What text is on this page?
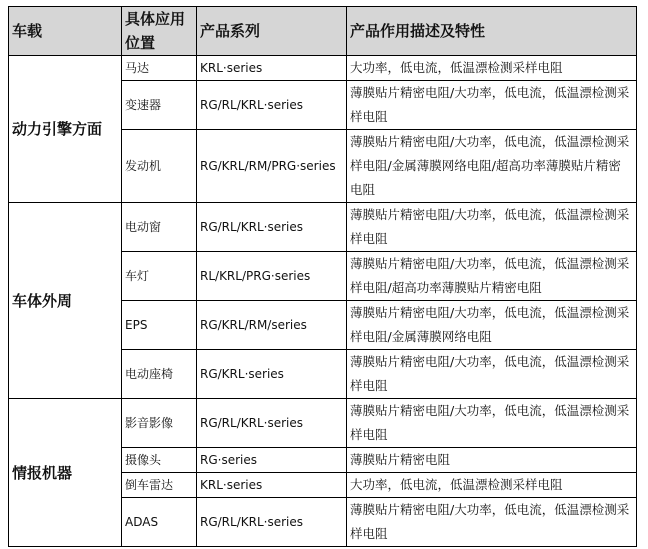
车载	具体应用位置	产品系列	产品作用描述及特性
动力引擎方面	马达	KRL·series	大功率，低电流，低温漂检测采样电阻
	变速器	RG/RL/KRL·series	薄膜贴片精密电阻/大功率，低电流，低温漂检测采样电阻
	发动机	RG/KRL/RM/PRG·series	薄膜贴片精密电阻/大功率，低电流，低温漂检测采样电阻/金属薄膜网络电阻/超高功率薄膜贴片精密电阻
车体外周	电动窗	RG/RL/KRL·series	薄膜贴片精密电阻/大功率，低电流，低温漂检测采样电阻
	车灯	RL/KRL/PRG·series	薄膜贴片精密电阻/大功率，低电流，低温漂检测采样电阻/超高功率薄膜贴片精密电阻
	EPS	RG/KRL/RM/series	薄膜贴片精密电阻/大功率，低电流，低温漂检测采样电阻/金属薄膜网络电阻
	电动座椅	RG/KRL·series	薄膜贴片精密电阻/大功率，低电流，低温漂检测采样电阻
情报机器	影音影像	RG/RL/KRL·series	薄膜贴片精密电阻/大功率，低电流，低温漂检测采样电阻
	摄像头	RG·series	薄膜贴片精密电阻
	倒车雷达	KRL·series	大功率，低电流，低温漂检测采样电阻
	ADAS	RG/RL/KRL·series	薄膜贴片精密电阻/大功率，低电流，低温漂检测采样电阻
